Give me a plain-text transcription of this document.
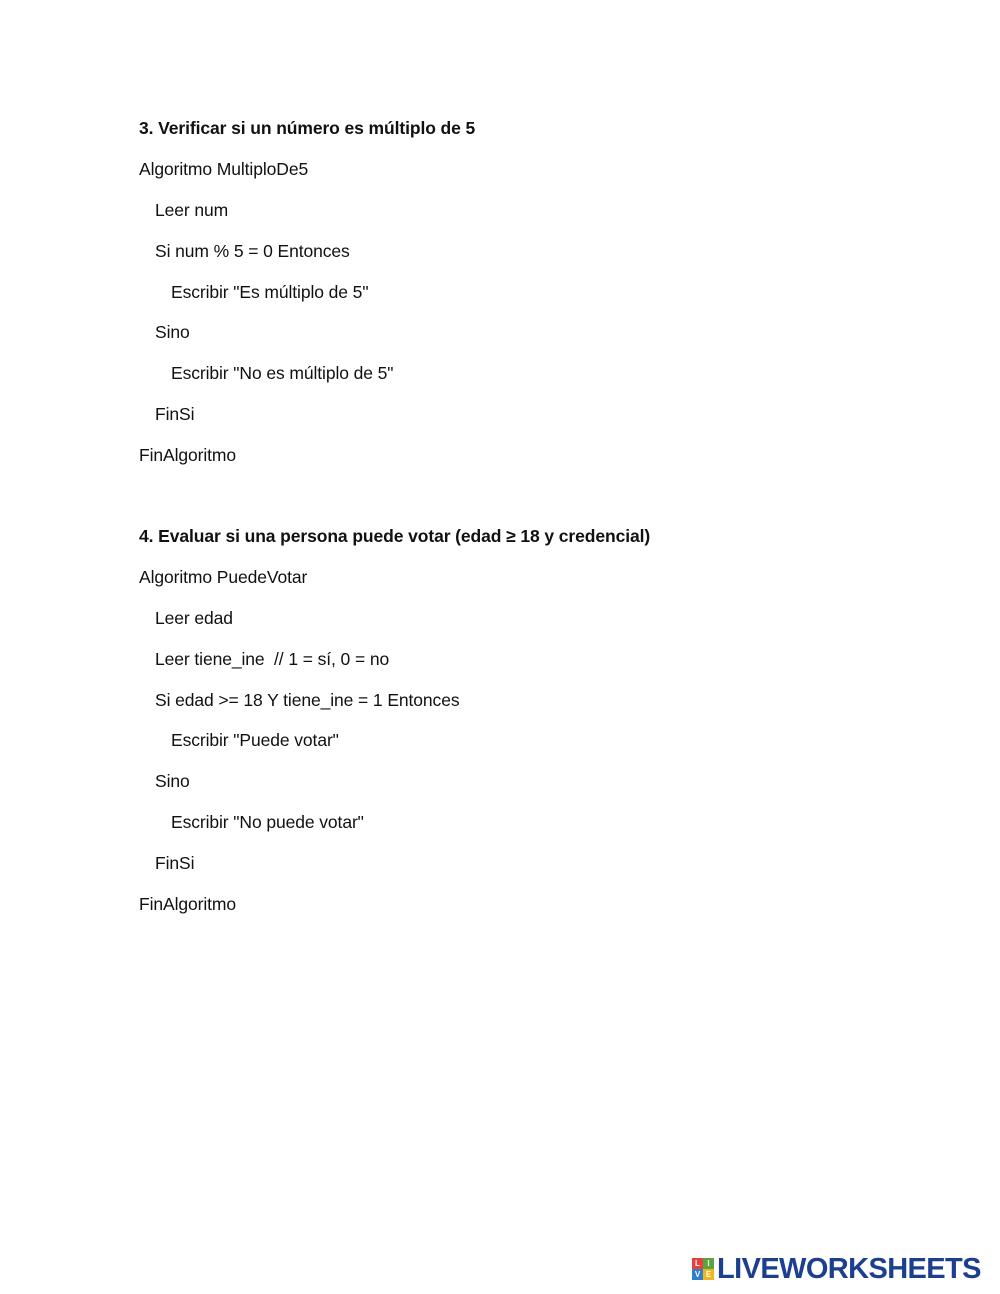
3. Verificar si un número es múltiplo de 5
Algoritmo MultiploDe5
Leer num
Si num % 5 = 0 Entonces
Escribir "Es múltiplo de 5"
Sino
Escribir "No es múltiplo de 5"
FinSi
FinAlgoritmo
4. Evaluar si una persona puede votar (edad ≥ 18 y credencial)
Algoritmo PuedeVotar
Leer edad
Leer tiene_ine  // 1 = sí, 0 = no
Si edad >= 18 Y tiene_ine = 1 Entonces
Escribir "Puede votar"
Sino
Escribir "No puede votar"
FinSi
FinAlgoritmo
L I
V E LIVEWORKSHEETS
